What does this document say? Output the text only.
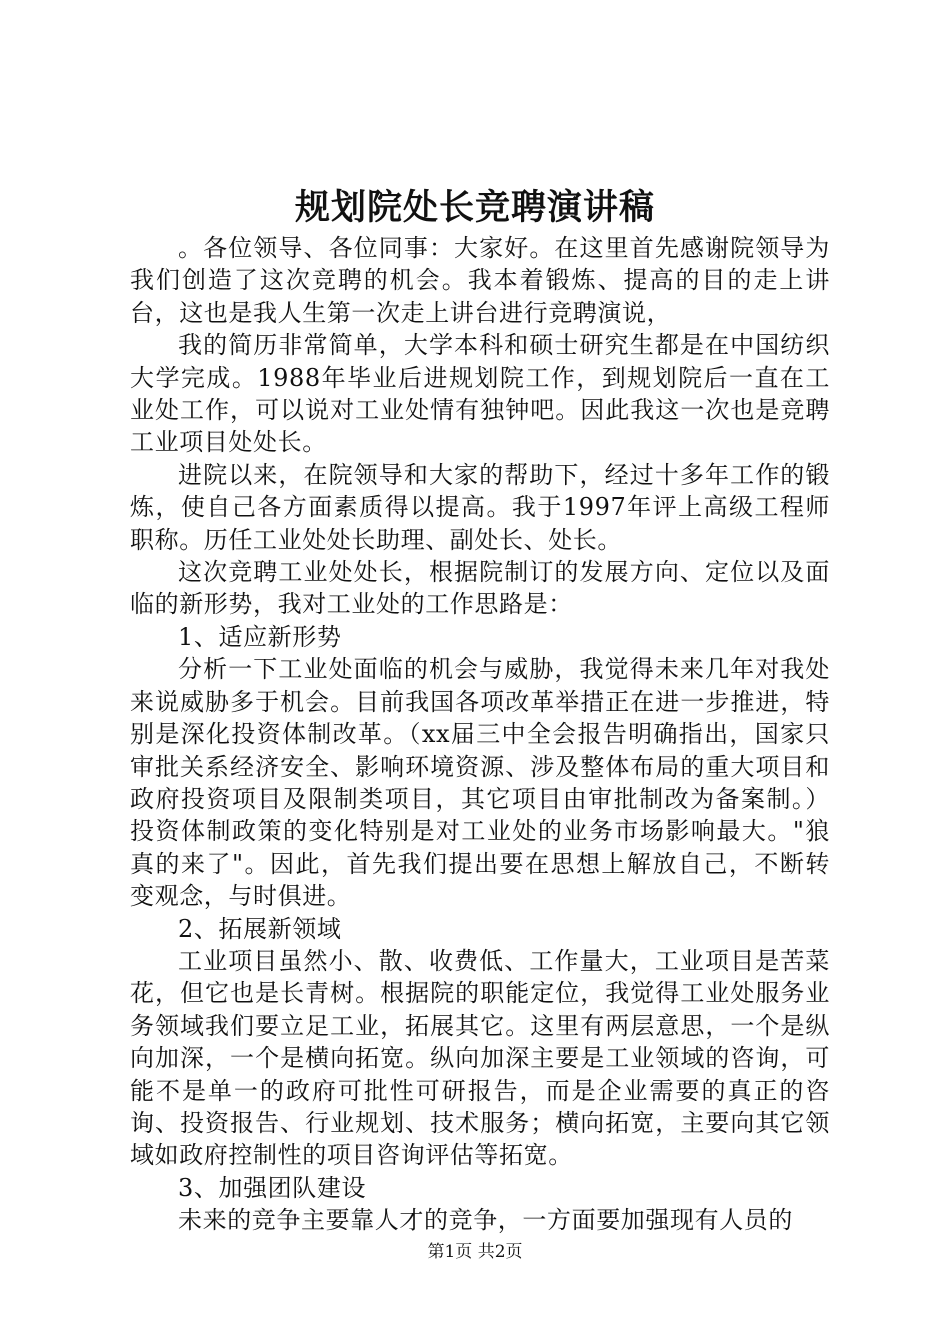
规划院处长竞聘演讲稿

。各位领导、各位同事：大家好。在这里首先感谢院领导为我们创造了这次竞聘的机会。我本着锻炼、提高的目的走上讲台，这也是我人生第一次走上讲台进行竞聘演说，

我的简历非常简单，大学本科和硕士研究生都是在中国纺织大学完成。1988年毕业后进规划院工作，到规划院后一直在工业处工作，可以说对工业处情有独钟吧。因此我这一次也是竞聘工业项目处处长。

进院以来，在院领导和大家的帮助下，经过十多年工作的锻炼，使自己各方面素质得以提高。我于1997年评上高级工程师职称。历任工业处处长助理、副处长、处长。

这次竞聘工业处处长，根据院制订的发展方向、定位以及面临的新形势，我对工业处的工作思路是：

1、适应新形势

分析一下工业处面临的机会与威胁，我觉得未来几年对我处来说威胁多于机会。目前我国各项改革举措正在进一步推进，特别是深化投资体制改革。（xx届三中全会报告明确指出，国家只审批关系经济安全、影响环境资源、涉及整体布局的重大项目和政府投资项目及限制类项目，其它项目由审批制改为备案制。）投资体制政策的变化特别是对工业处的业务市场影响最大。"狼真的来了"。因此，首先我们提出要在思想上解放自己，不断转变观念，与时俱进。

2、拓展新领域

工业项目虽然小、散、收费低、工作量大，工业项目是苦菜花，但它也是长青树。根据院的职能定位，我觉得工业处服务业务领域我们要立足工业，拓展其它。这里有两层意思，一个是纵向加深，一个是横向拓宽。纵向加深主要是工业领域的咨询，可能不是单一的政府可批性可研报告，而是企业需要的真正的咨询、投资报告、行业规划、技术服务；横向拓宽，主要向其它领域如政府控制性的项目咨询评估等拓宽。

3、加强团队建设

未来的竞争主要靠人才的竞争，一方面要加强现有人员的

第1页 共2页
